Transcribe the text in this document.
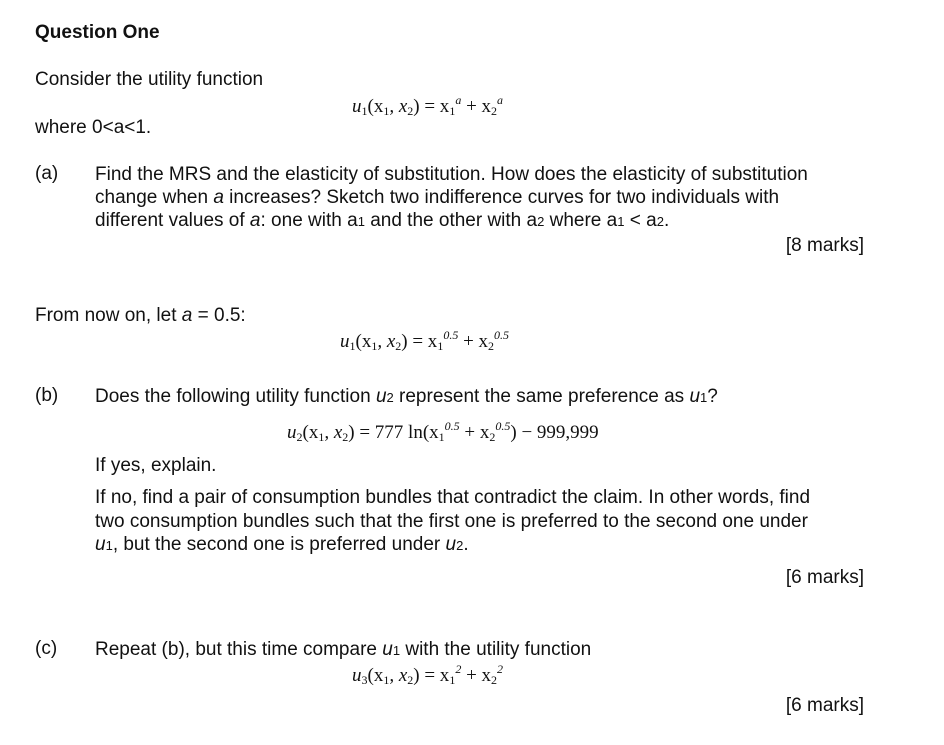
Question One
Consider the utility function
$u_1(x_1$, $x_2) = x_1^a + x_2^a$
where 0<a<1.
(a) Find the MRS and the elasticity of substitution. How does the elasticity of substitution
change when a increases? Sketch two indifference curves for two individuals with
different values of a: one with a1 and the other with a2 where a1 < a2.
[8 marks]
From now on, let a = 0.5:
$u_1(x_1$, $x_2) = x_1^{0.5} + x_2^{0.5}$
(b) Does the following utility function u2 represent the same preference as u1?
$u_2(x_1$, $x_2) = 777$ $\ln(x_1^{0.5} + x_2^{0.5}) - 999,999$
If yes, explain.
If no, find a pair of consumption bundles that contradict the claim. In other words, find
two consumption bundles such that the first one is preferred to the second one under
u1, but the second one is preferred under u2.
[6 marks]
(c) Repeat (b), but this time compare u1 with the utility function
$u_3(x_1$, $x_2) = x_1^2 + x_2^2$
[6 marks]
